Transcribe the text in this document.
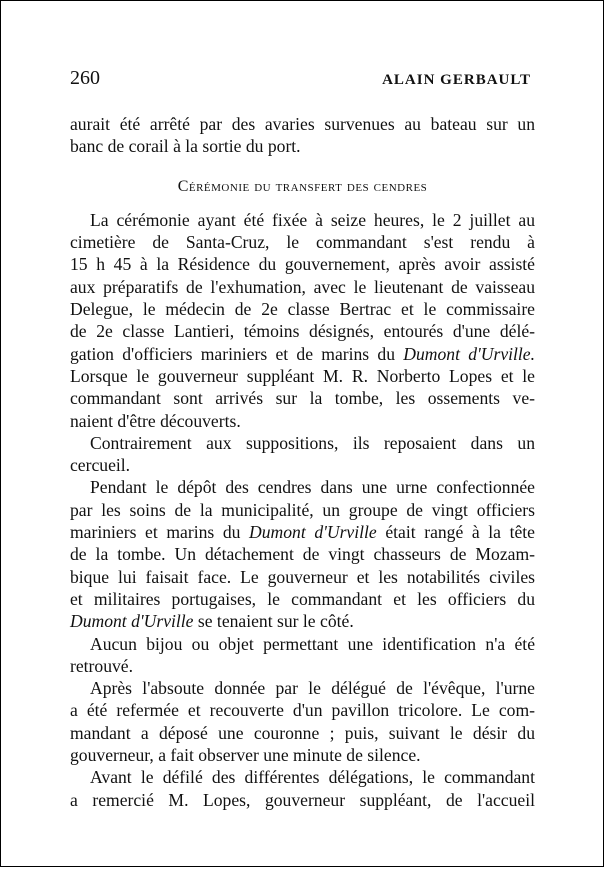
260	ALAIN GERBAULT

aurait été arrêté par des avaries survenues au bateau sur un
banc de corail à la sortie du port.

Cérémonie du transfert des cendres

La cérémonie ayant été fixée à seize heures, le 2 juillet au
cimetière de Santa-Cruz, le commandant s'est rendu à
15 h 45 à la Résidence du gouvernement, après avoir assisté
aux préparatifs de l'exhumation, avec le lieutenant de vaisseau
Delegue, le médecin de 2e classe Bertrac et le commissaire
de 2e classe Lantieri, témoins désignés, entourés d'une délé-
gation d'officiers mariniers et de marins du Dumont d'Urville.
Lorsque le gouverneur suppléant M. R. Norberto Lopes et le
commandant sont arrivés sur la tombe, les ossements ve-
naient d'être découverts.

Contrairement aux suppositions, ils reposaient dans un
cercueil.

Pendant le dépôt des cendres dans une urne confectionnée
par les soins de la municipalité, un groupe de vingt officiers
mariniers et marins du Dumont d'Urville était rangé à la tête
de la tombe. Un détachement de vingt chasseurs de Mozam-
bique lui faisait face. Le gouverneur et les notabilités civiles
et militaires portugaises, le commandant et les officiers du
Dumont d'Urville se tenaient sur le côté.

Aucun bijou ou objet permettant une identification n'a été
retrouvé.

Après l'absoute donnée par le délégué de l'évêque, l'urne
a été refermée et recouverte d'un pavillon tricolore. Le com-
mandant a déposé une couronne ; puis, suivant le désir du
gouverneur, a fait observer une minute de silence.

Avant le défilé des différentes délégations, le commandant
a remercié M. Lopes, gouverneur suppléant, de l'accueil
